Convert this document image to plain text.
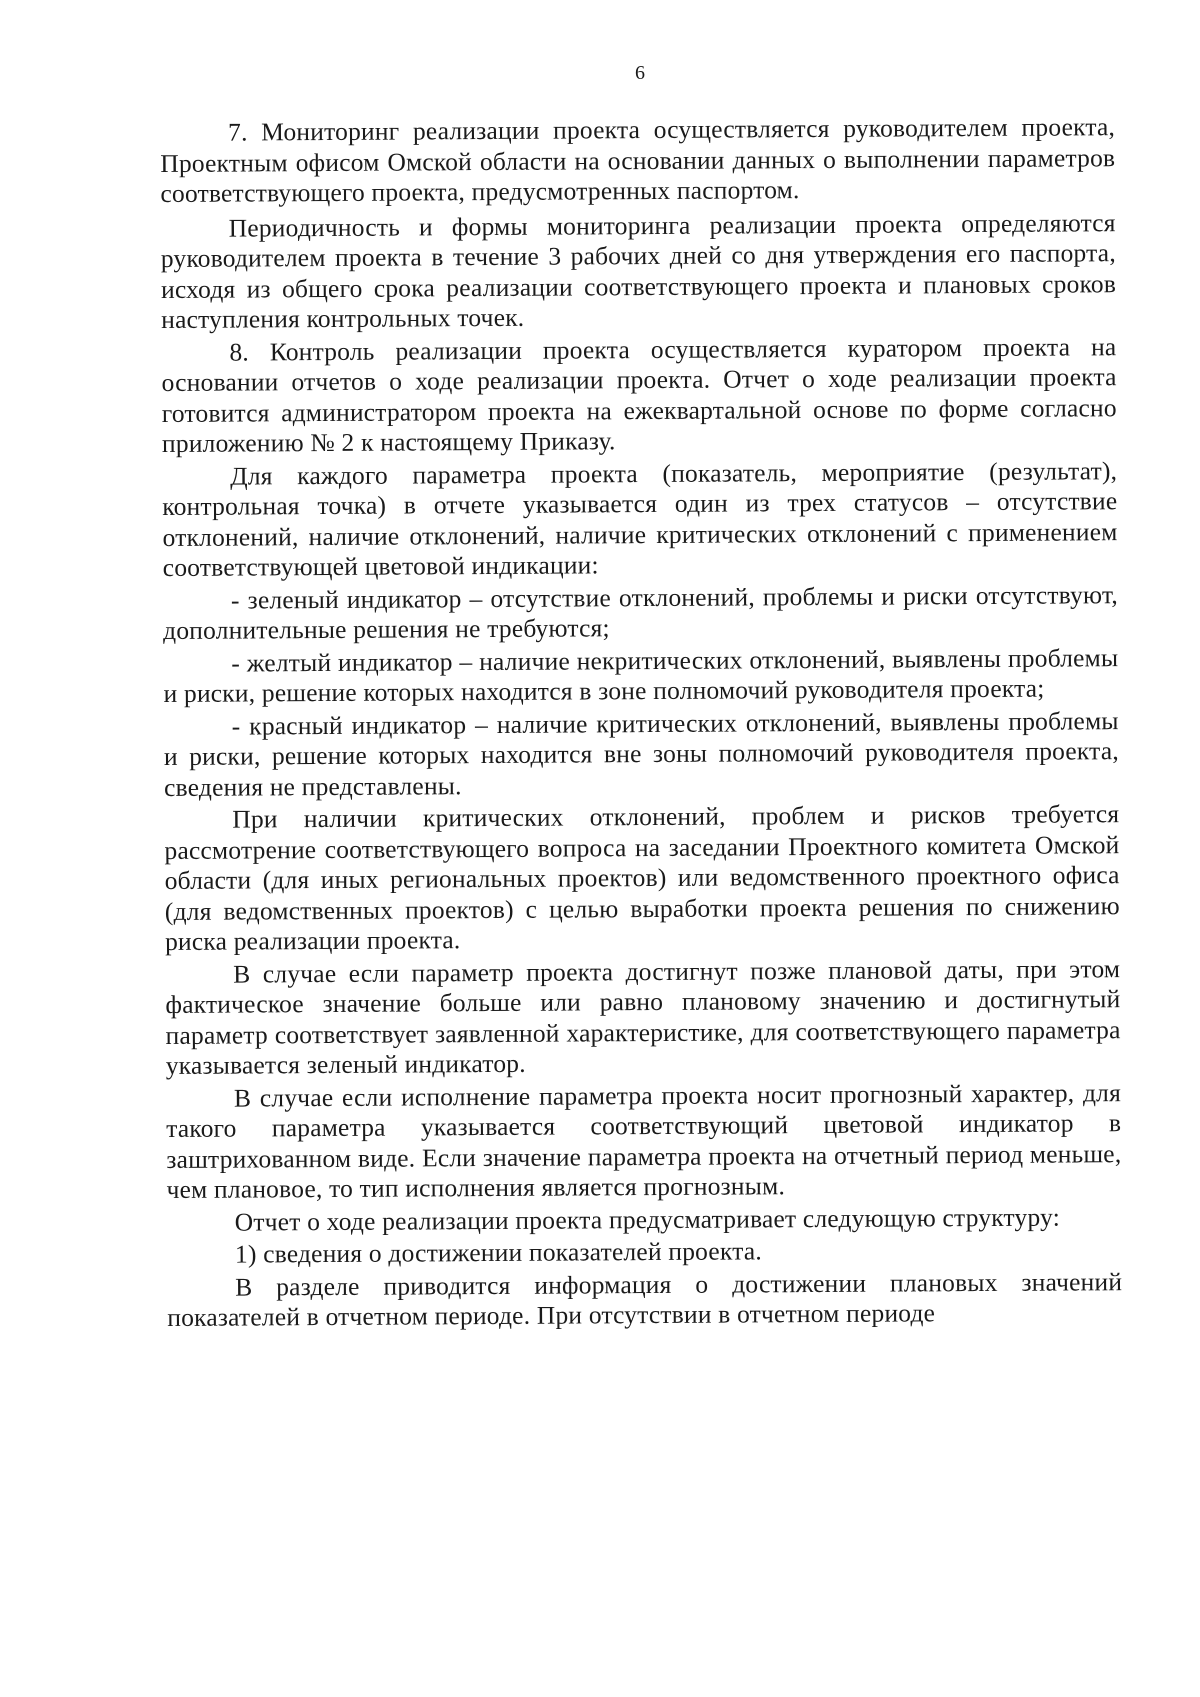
6

7. Мониторинг реализации проекта осуществляется руководителем проекта, Проектным офисом Омской области на основании данных о выполнении параметров соответствующего проекта, предусмотренных паспортом.

Периодичность и формы мониторинга реализации проекта определяются руководителем проекта в течение 3 рабочих дней со дня утверждения его паспорта, исходя из общего срока реализации соответствующего проекта и плановых сроков наступления контрольных точек.

8. Контроль реализации проекта осуществляется куратором проекта на основании отчетов о ходе реализации проекта. Отчет о ходе реализации проекта готовится администратором проекта на ежеквартальной основе по форме согласно приложению № 2 к настоящему Приказу.

Для каждого параметра проекта (показатель, мероприятие (результат), контрольная точка) в отчете указывается один из трех статусов – отсутствие отклонений, наличие отклонений, наличие критических отклонений с применением соответствующей цветовой индикации:

- зеленый индикатор – отсутствие отклонений, проблемы и риски отсутствуют, дополнительные решения не требуются;

- желтый индикатор – наличие некритических отклонений, выявлены проблемы и риски, решение которых находится в зоне полномочий руководителя проекта;

- красный индикатор – наличие критических отклонений, выявлены проблемы и риски, решение которых находится вне зоны полномочий руководителя проекта, сведения не представлены.

При наличии критических отклонений, проблем и рисков требуется рассмотрение соответствующего вопроса на заседании Проектного комитета Омской области (для иных региональных проектов) или ведомственного проектного офиса (для ведомственных проектов) с целью выработки проекта решения по снижению риска реализации проекта.

В случае если параметр проекта достигнут позже плановой даты, при этом фактическое значение больше или равно плановому значению и достигнутый параметр соответствует заявленной характеристике, для соответствующего параметра указывается зеленый индикатор.

В случае если исполнение параметра проекта носит прогнозный характер, для такого параметра указывается соответствующий цветовой индикатор в заштрихованном виде. Если значение параметра проекта на отчетный период меньше, чем плановое, то тип исполнения является прогнозным.

Отчет о ходе реализации проекта предусматривает следующую структуру:

1) сведения о достижении показателей проекта.

В разделе приводится информация о достижении плановых значений показателей в отчетном периоде. При отсутствии в отчетном периоде
